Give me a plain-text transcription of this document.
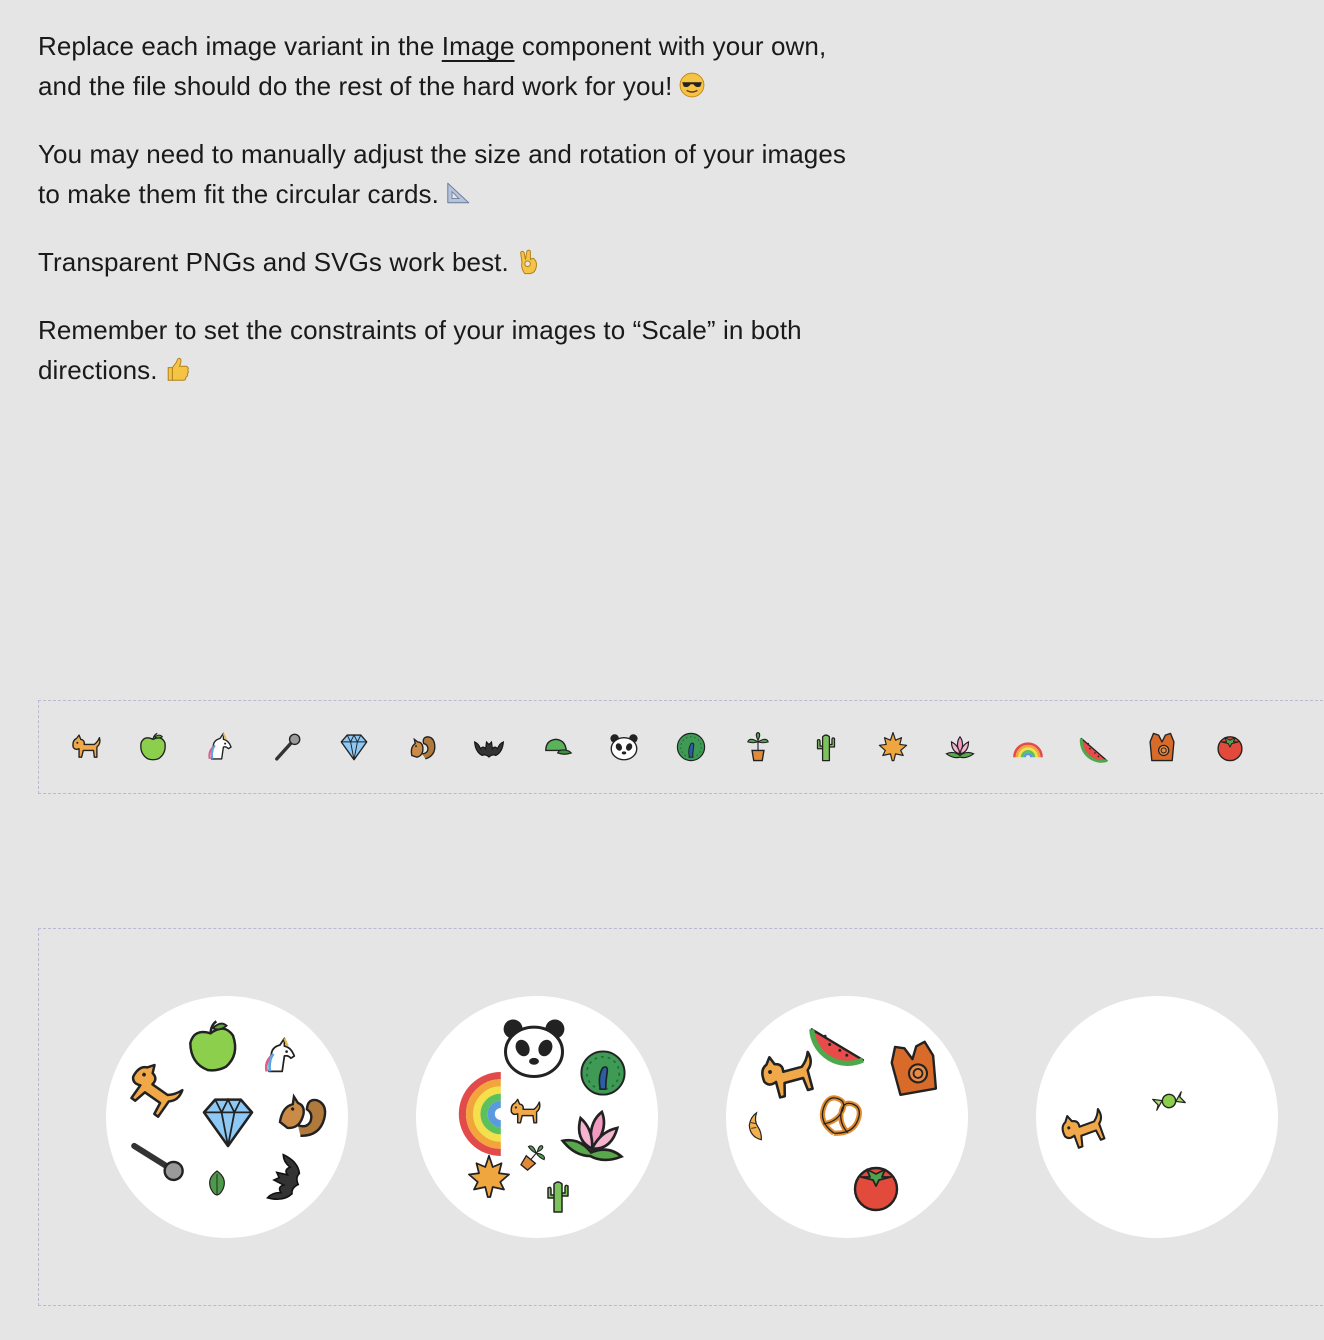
Replace each image variant in the Image component with your own, and the file should do the rest of the hard work for you!

You may need to manually adjust the size and rotation of your images to make them fit the circular cards.

Transparent PNGs and SVGs work best.

Remember to set the constraints of your images to “Scale” in both directions.
